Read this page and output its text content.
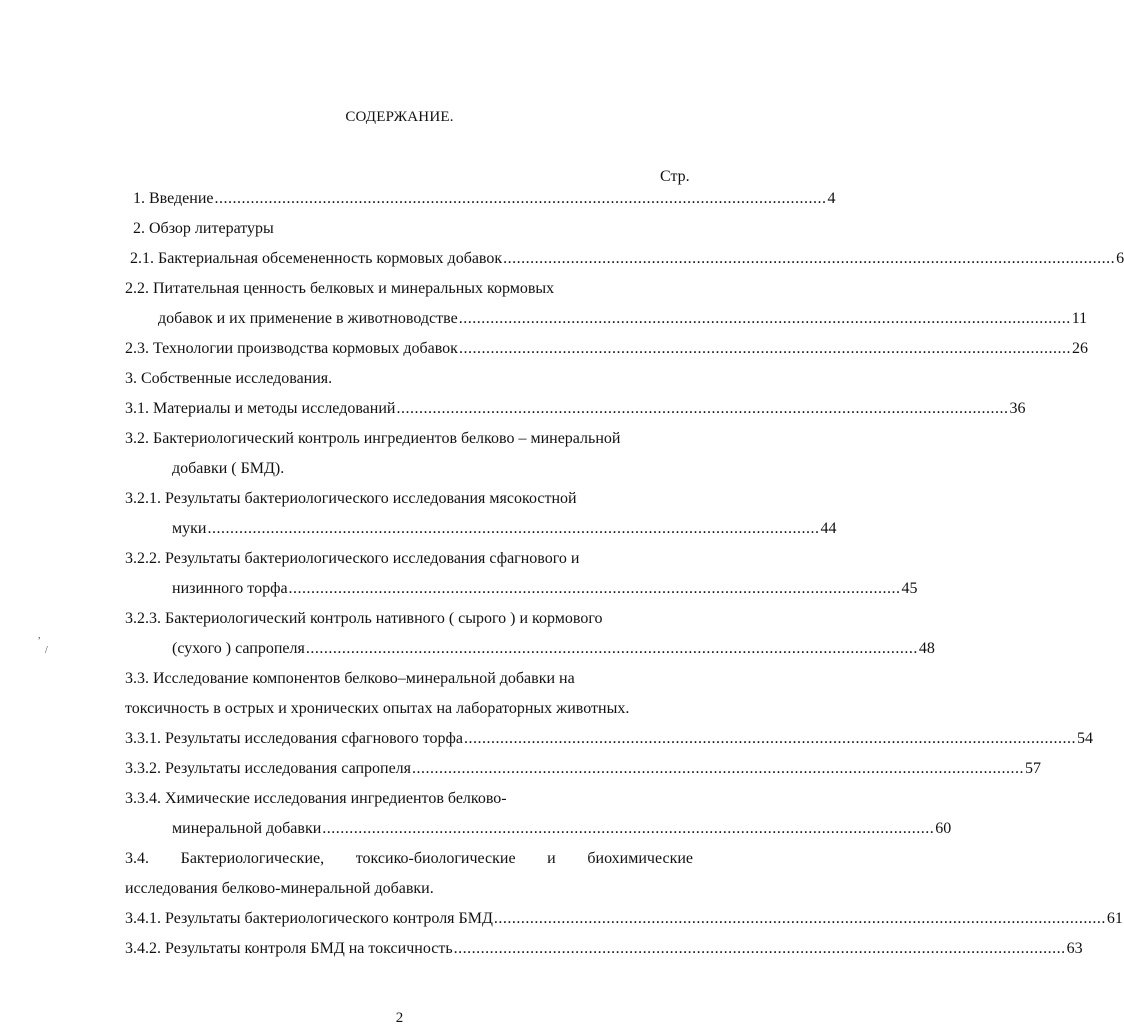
СОДЕРЖАНИЕ.
Стр.
1. Введение ........................................................................................................................................ 4
2. Обзор литературы
2.1. Бактериальная обсемененность кормовых добавок ........................................................................................................................................ 6
2.2. Питательная ценность белковых и минеральных кормовых
добавок и их применение в животноводстве ........................................................................................................................................ 11
2.3. Технологии производства кормовых добавок ........................................................................................................................................ 26
3. Собственные исследования.
3.1. Материалы и методы исследований ........................................................................................................................................ 36
3.2. Бактериологический контроль ингредиентов белково – минеральной
добавки ( БМД).
3.2.1. Результаты бактериологического исследования мясокостной
муки ........................................................................................................................................ 44
3.2.2. Результаты бактериологического исследования сфагнового и
низинного торфа ........................................................................................................................................ 45
3.2.3. Бактериологический контроль нативного ( сырого ) и кормового
(сухого ) сапропеля ........................................................................................................................................ 48
3.3. Исследование компонентов белково–минеральной добавки на
токсичность в острых и хронических опытах на лабораторных животных.
3.3.1. Результаты исследования сфагнового торфа ........................................................................................................................................ 54
3.3.2. Результаты исследования сапропеля ........................................................................................................................................ 57
3.3.4. Химические исследования ингредиентов белково-
минеральной добавки ........................................................................................................................................ 60
3.4. Бактериологические, токсико-биологические и биохимические
исследования белково-минеральной добавки.
3.4.1. Результаты бактериологического контроля БМД ........................................................................................................................................ 61
3.4.2. Результаты контроля БМД на токсичность ........................................................................................................................................ 63
,
/
2
